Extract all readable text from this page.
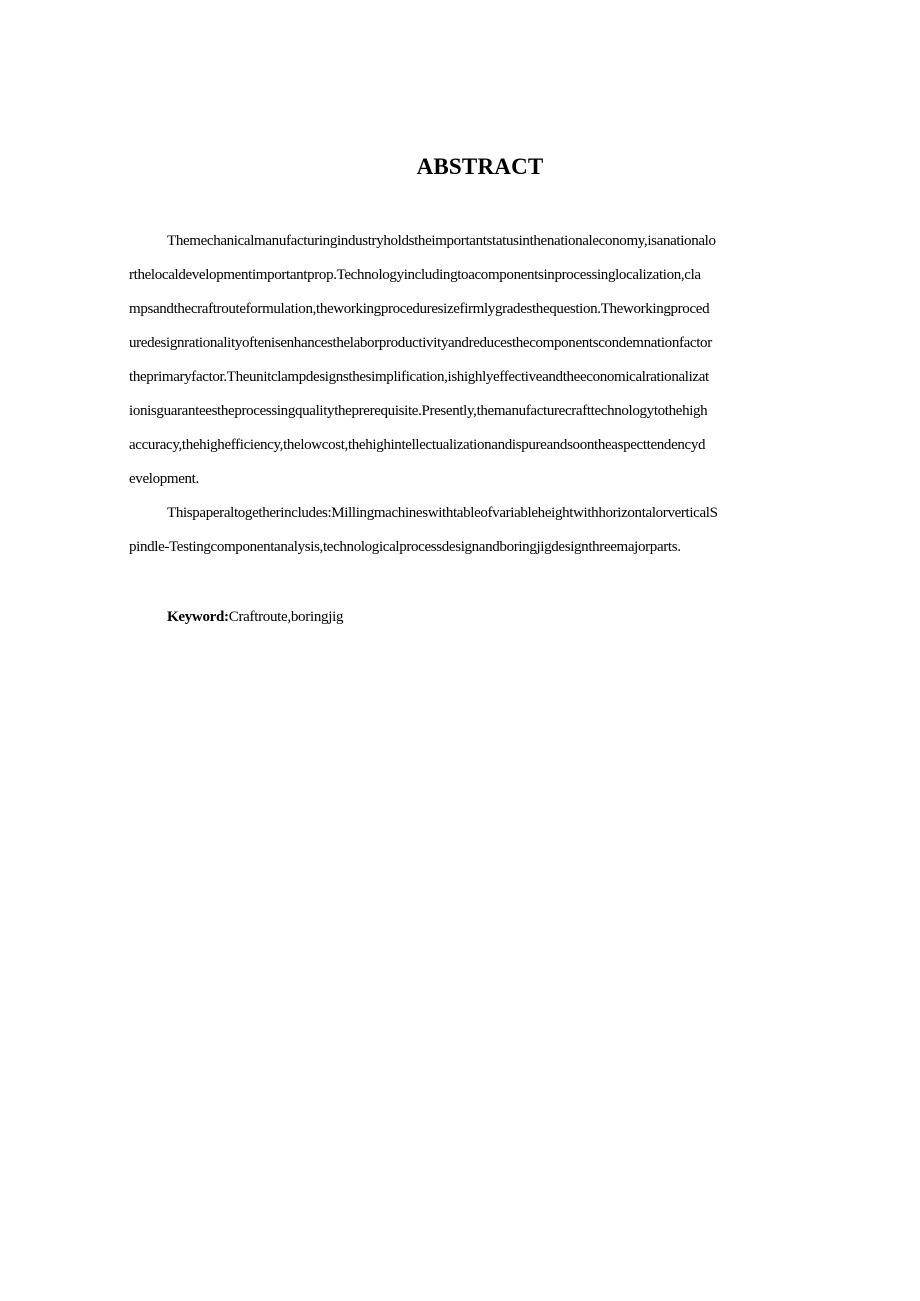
ABSTRACT
Themechanicalmanufacturingindustryholdstheimportantstatusinthenationaleconomy,isanationalo
rthelocaldevelopmentimportantprop.Technologyincludingtoacomponentsinprocessinglocalization,cla
mpsandthecraftrouteformulation,theworkingproceduresizefirmlygradesthequestion.Theworkingproced
uredesignrationalityoftenisenhancesthelaborproductivityandreducesthecomponentscondemnationfactor
theprimaryfactor.Theunitclampdesignsthesimplification,ishighlyeffectiveandtheeconomicalrationalizat
ionisguaranteestheprocessingqualitytheprerequisite.Presently,themanufacturecrafttechnologytothehigh
accuracy,thehighefficiency,thelowcost,thehighintellectualizationandispureandsoontheaspecttendencyd
evelopment.
Thispaperaltogetherincludes:MillingmachineswithtableofvariableheightwithhorizontalorverticalS
pindle-Testingcomponentanalysis,technologicalprocessdesignandboringjigdesignthreemajorparts.
Keyword:Craftroute,boringjig
